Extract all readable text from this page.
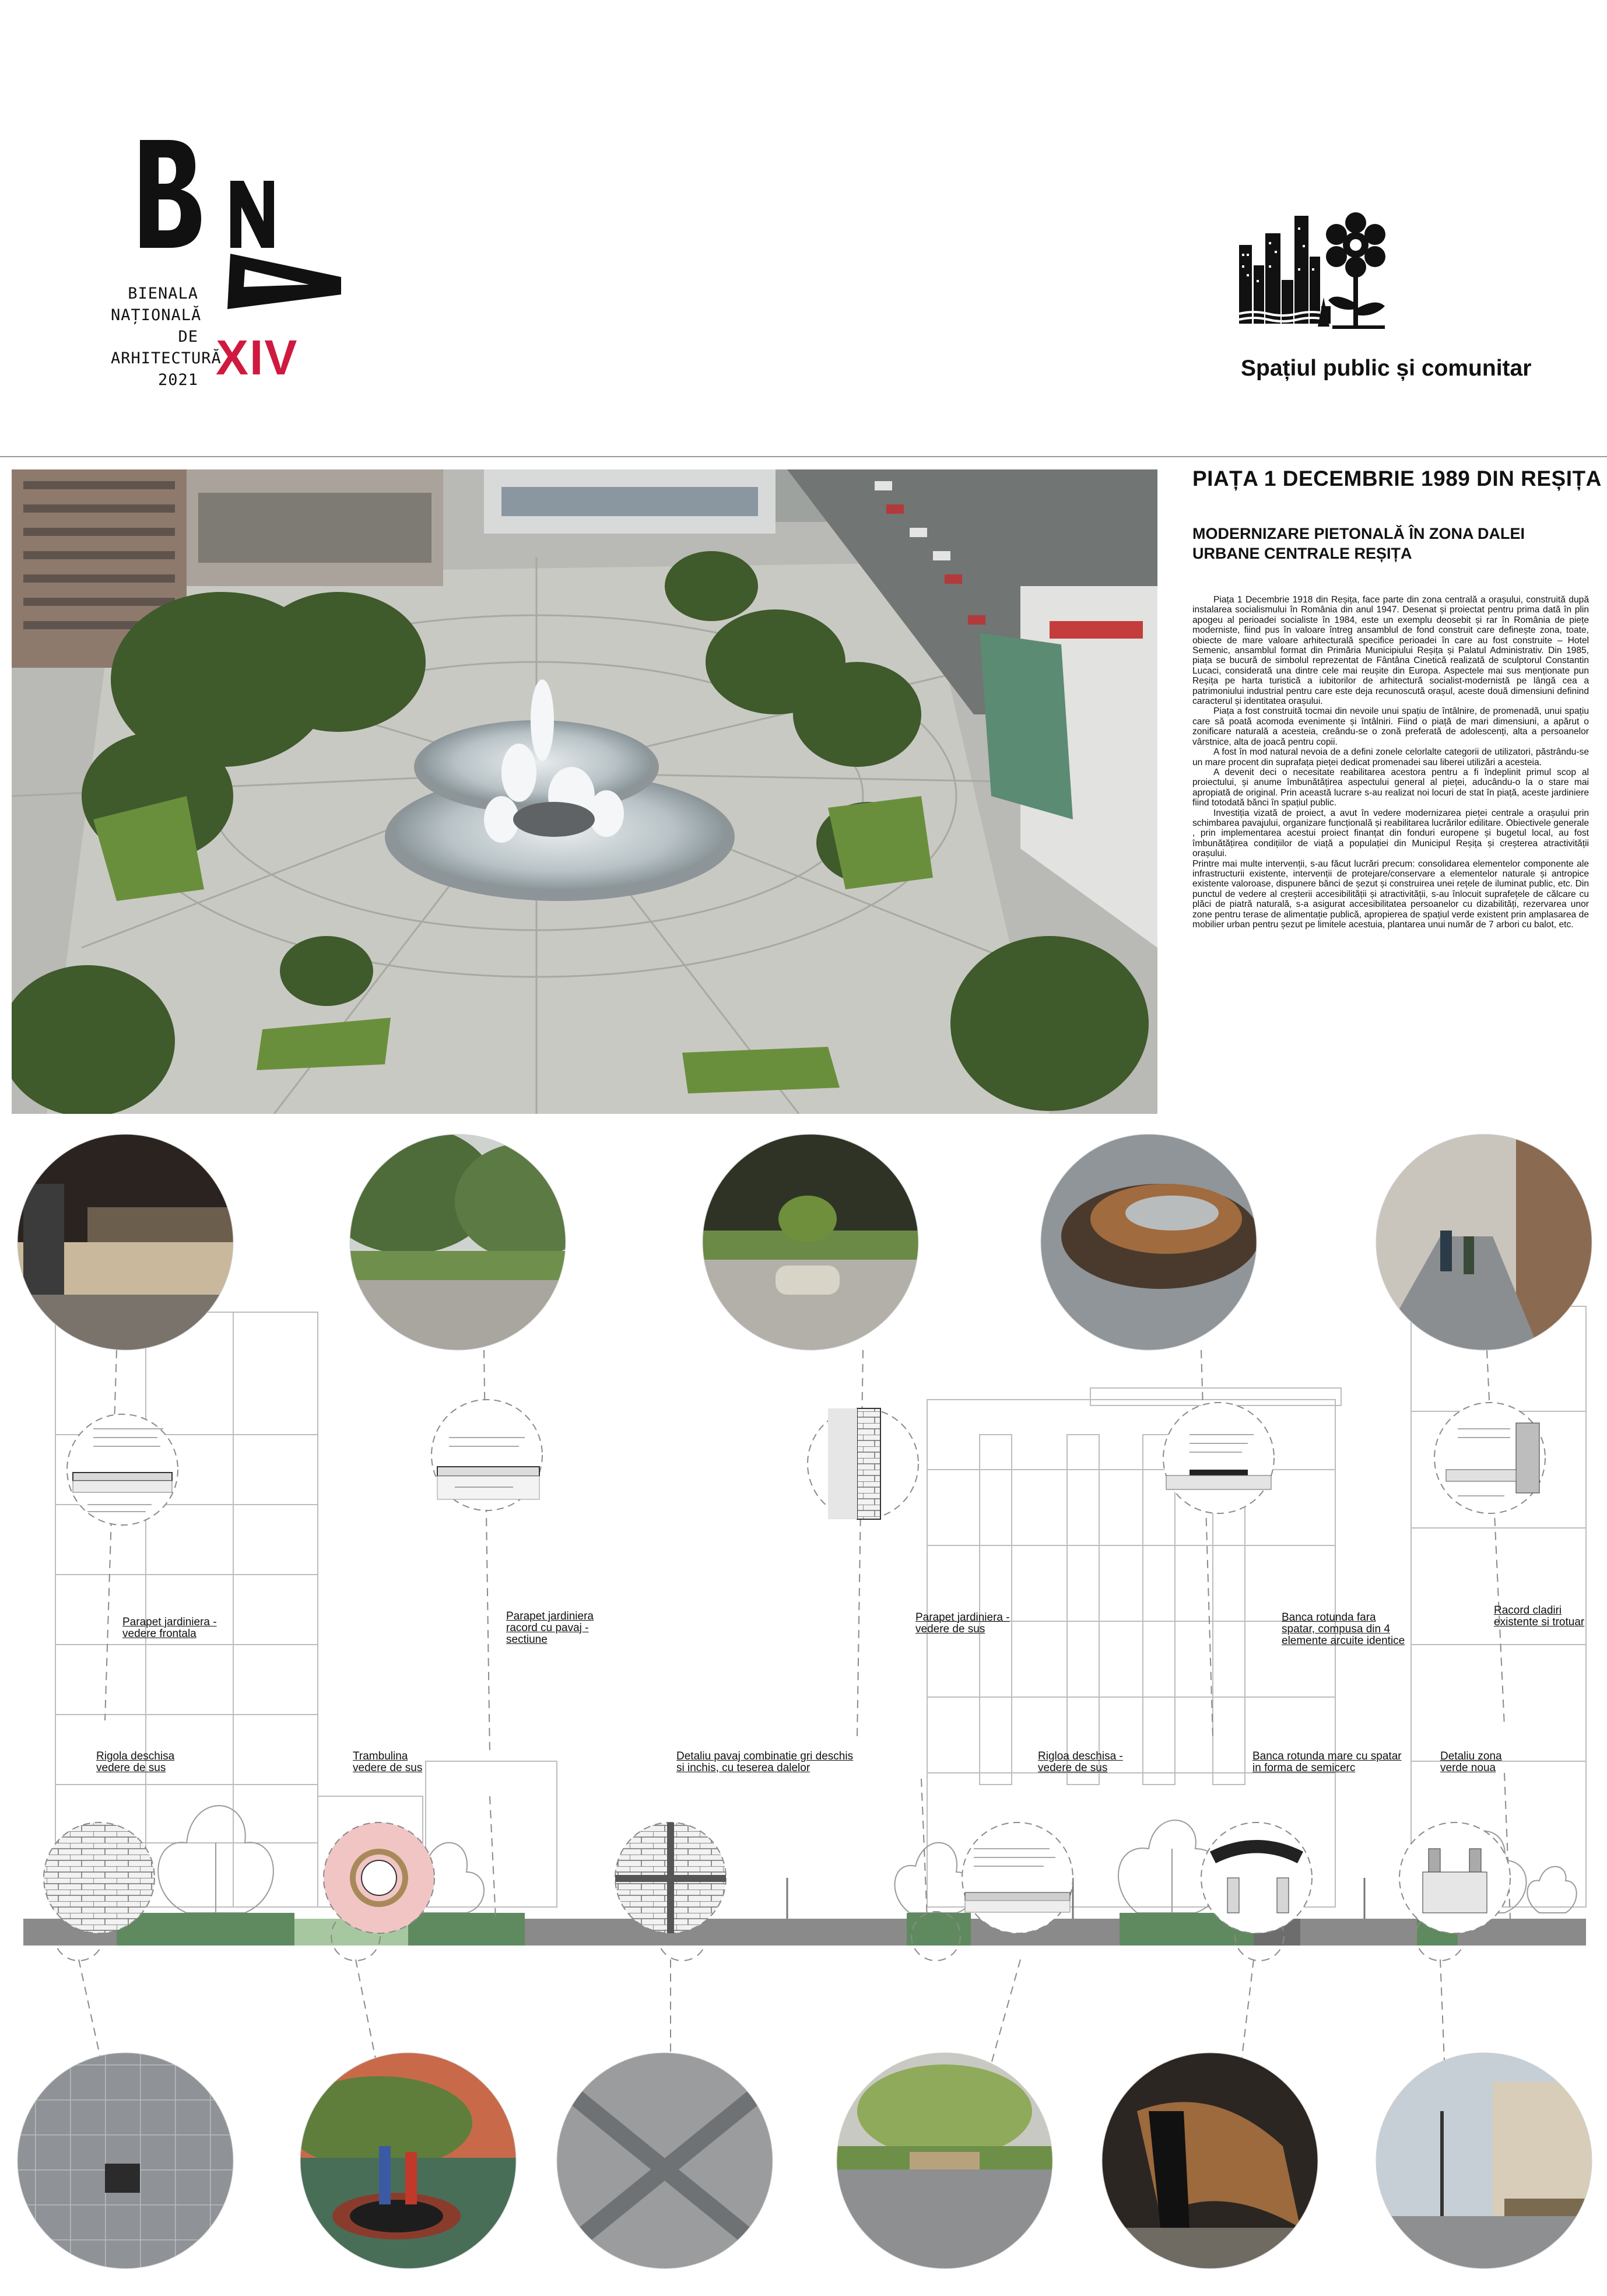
BIENALA
NAȚIONALĂ
DE
ARHITECTURĂ
2021 XIV	Spațiul public și comunitar
PIAȚA 1 DECEMBRIE 1989 DIN REȘIȚA
MODERNIZARE PIETONALĂ ÎN ZONA DALEI URBANE CENTRALE REȘIȚA

Piața 1 Decembrie 1918 din Reșița, face parte din zona centrală a orașului, construită după instalarea socialismului în România din anul 1947. Desenat și proiectat pentru prima dată în plin apogeu al perioadei socialiste în 1984, este un exemplu deosebit și rar în România de piețe moderniste, fiind pus în valoare întreg ansamblul de fond construit care definește zona, toate, obiecte de mare valoare arhitecturală specifice perioadei în care au fost construite – Hotel Semenic, ansamblul format din Primăria Municipiului Reșița și Palatul Administrativ. Din 1985, piața se bucură de simbolul reprezentat de Fântâna Cinetică realizată de sculptorul Constantin Lucaci, considerată una dintre cele mai reușite din Europa. Aspectele mai sus menționate pun Reșița pe harta turistică a iubitorilor de arhitectură socialist-modernistă pe lângă cea a patrimoniului industrial pentru care este deja recunoscută orașul, aceste două dimensiuni definind caracterul și identitatea orașului.

Piața a fost construită tocmai din nevoile unui spațiu de întâlnire, de promenadă, unui spațiu care să poată acomoda evenimente și întâlniri. Fiind o piață de mari dimensiuni, a apărut o zonificare naturală a acesteia, creându-se o zonă preferată de adolescenți, alta a persoanelor vârstnice, alta de joacă pentru copii.

A fost în mod natural nevoia de a defini zonele celorlalte categorii de utilizatori, păstrându-se un mare procent din suprafața pieței dedicat promenadei sau liberei utilizări a acesteia.

A devenit deci o necesitate reabilitarea acestora pentru a fi îndeplinit primul scop al proiectului, și anume îmbunătățirea aspectului general al pieței, aducându-o la o stare mai apropiată de original. Prin această lucrare s-au realizat noi locuri de stat în piață, aceste jardiniere fiind totodată bănci în spațiul public.

Investiția vizată de proiect, a avut în vedere modernizarea pieței centrale a orașului prin schimbarea pavajului, organizare funcțională și reabilitarea lucrărilor edilitare. Obiectivele generale , prin implementarea acestui proiect finanțat din fonduri europene și bugetul local, au fost îmbunătățirea condițiilor de viață a populației din Municipul Reșița și creșterea atractivității orașului.

Printre mai multe intervenții, s-au făcut lucrări precum: consolidarea elementelor componente ale infrastructurii existente, intervenții de protejare/conservare a elementelor naturale și antropice existente valoroase, dispunere bănci de șezut și construirea unei rețele de iluminat public, etc. Din punctul de vedere al creșterii accesibilității și atractivității, s-au înlocuit suprafețele de călcare cu plăci de piatră naturală, s-a asigurat accesibilitatea persoanelor cu dizabilități, rezervarea unor zone pentru terase de alimentație publică, apropierea de spațiul verde existent prin amplasarea de mobilier urban pentru șezut pe limitele acestuia, plantarea unui număr de 7 arbori cu balot, etc.

Parapet jardiniera -
vedere frontala
Parapet jardiniera
racord cu pavaj -
sectiune
Parapet jardiniera -
vedere de sus
Banca rotunda fara
spatar, compusa din 4
elemente arcuite identice
Racord cladiri
existente si trotuar
Rigola deschisa
vedere de sus
Trambulina
vedere de sus
Detaliu pavaj combinatie gri deschis
si inchis, cu teserea dalelor
Rigloa deschisa -
vedere de sus
Banca rotunda mare cu spatar
in forma de semicerc
Detaliu zona
verde noua
